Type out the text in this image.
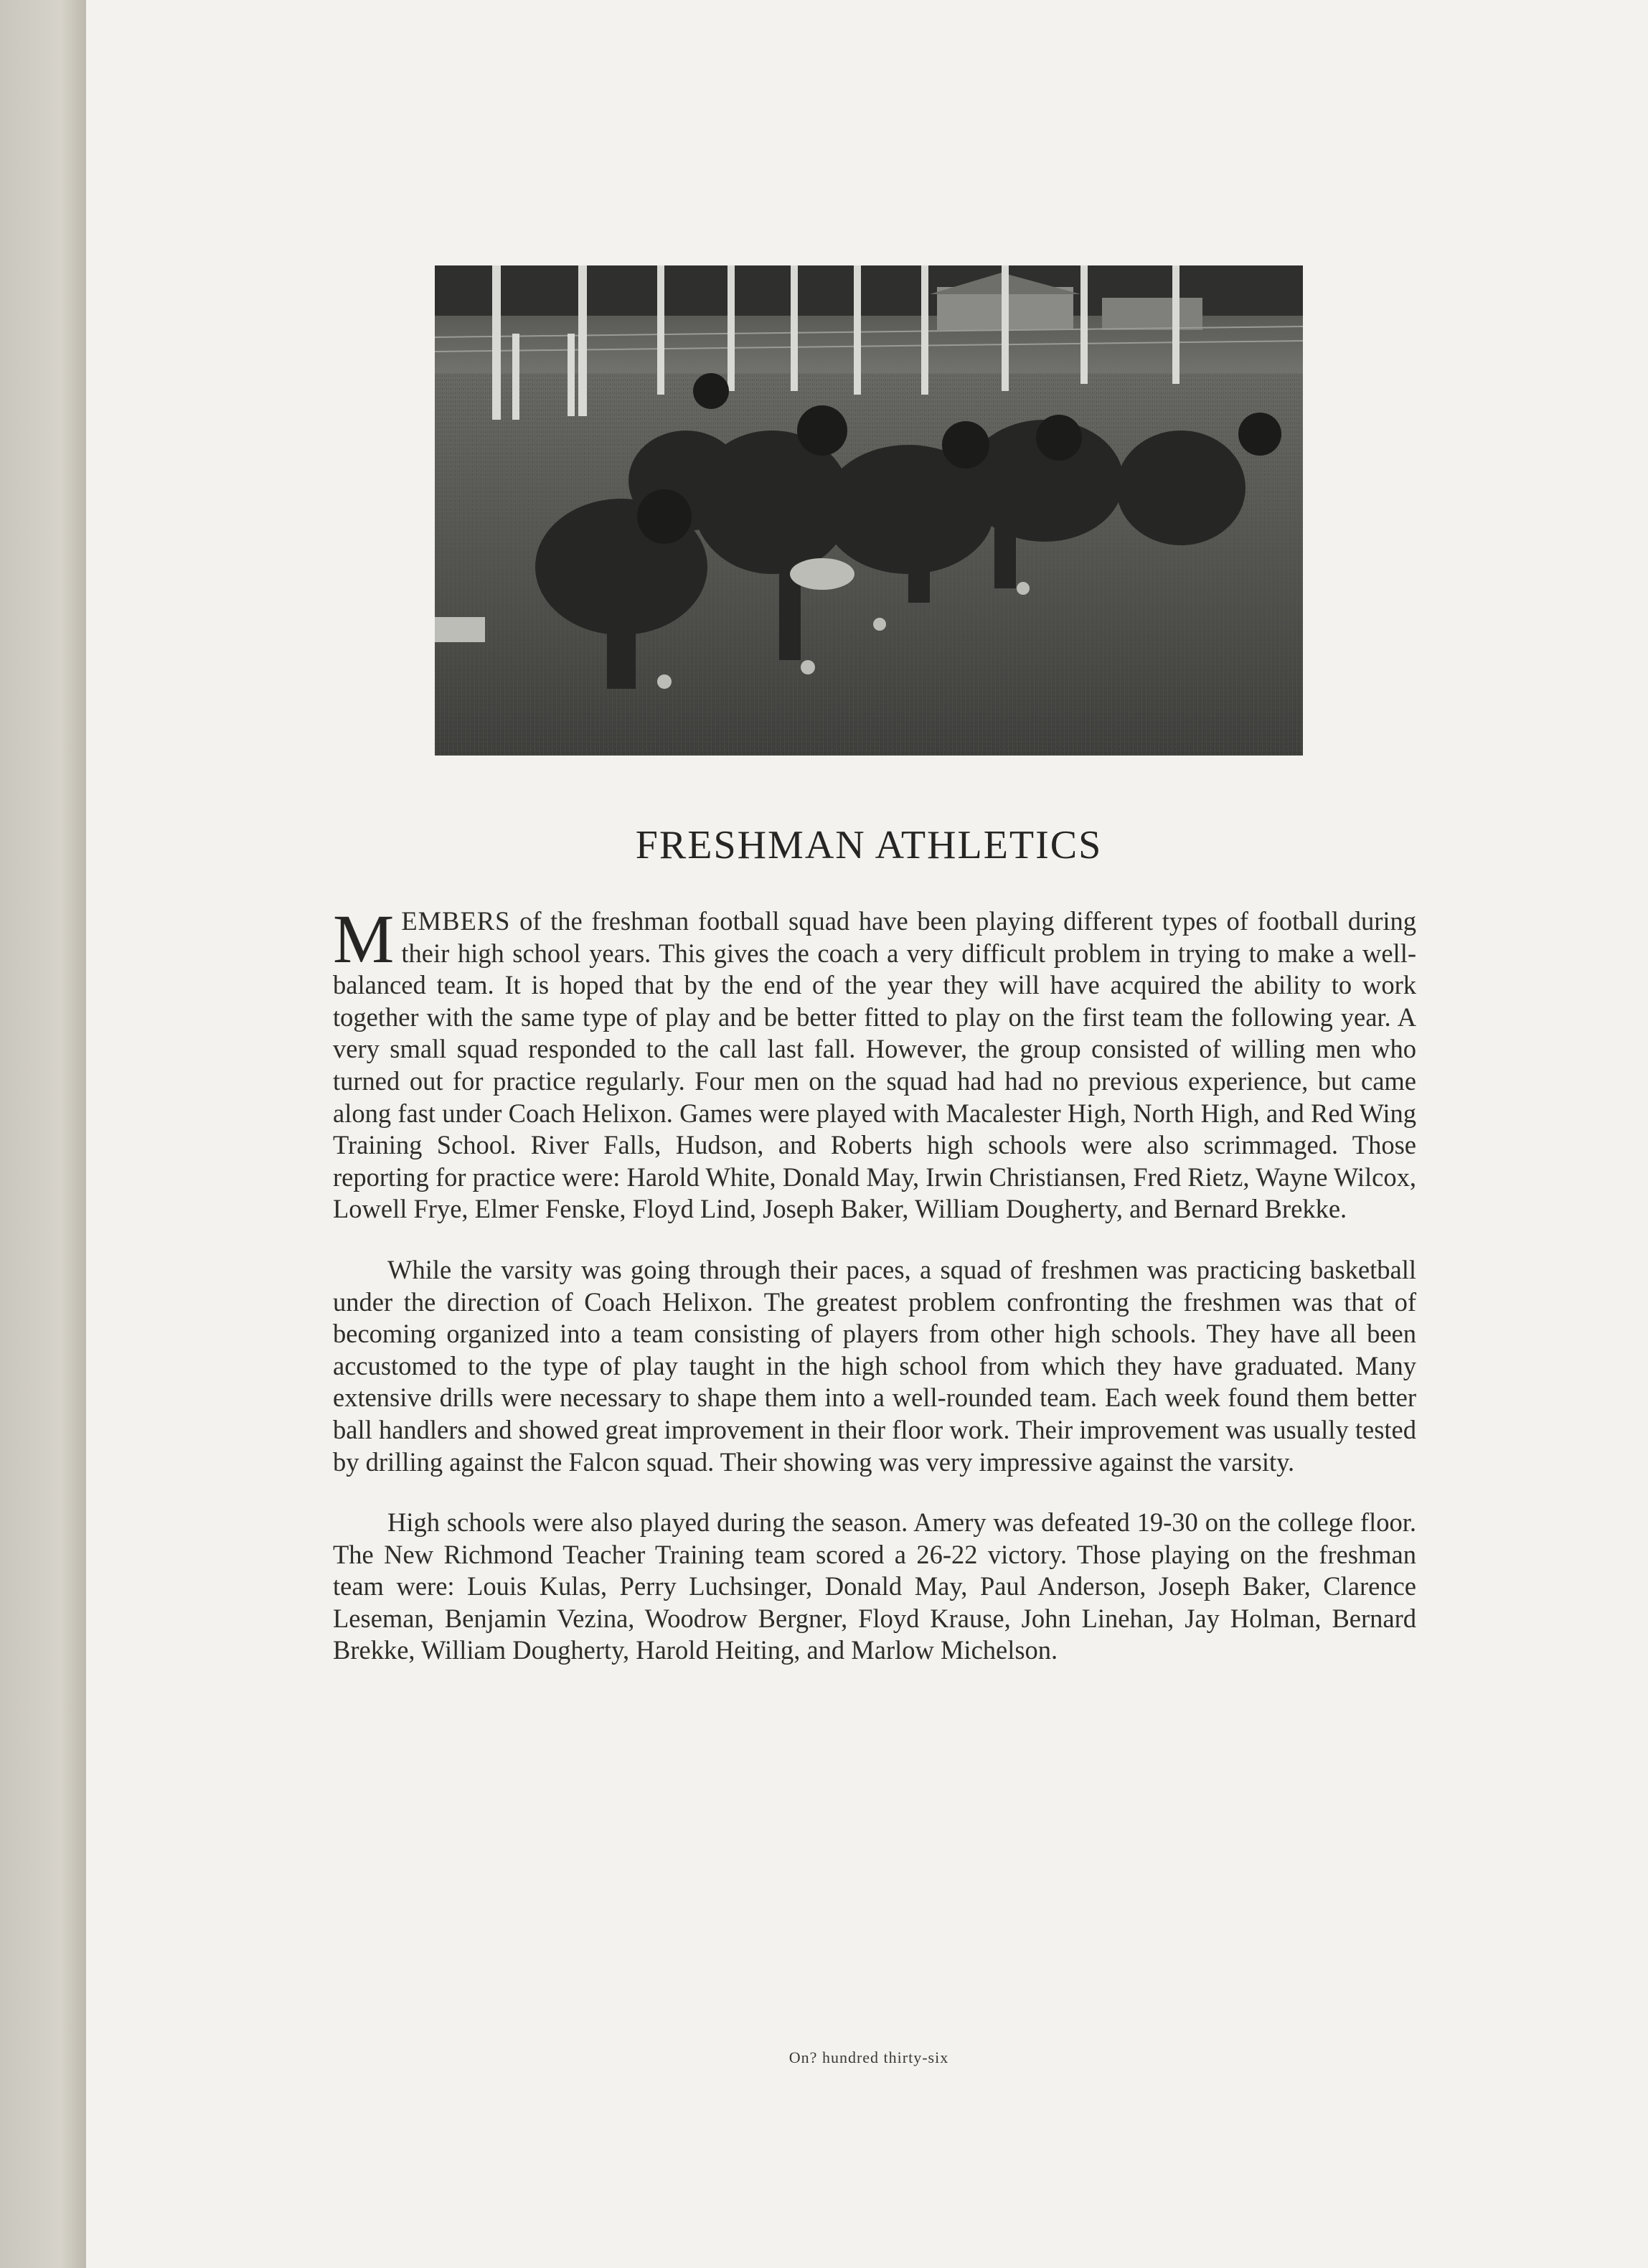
FRESHMAN ATHLETICS

MEMBERS of the freshman football squad have been playing different types of football during their high school years. This gives the coach a very difficult problem in trying to make a well-balanced team. It is hoped that by the end of the year they will have acquired the ability to work together with the same type of play and be better fitted to play on the first team the following year. A very small squad responded to the call last fall. However, the group consisted of willing men who turned out for practice regularly. Four men on the squad had had no previous experience, but came along fast under Coach Helixon. Games were played with Macalester High, North High, and Red Wing Training School. River Falls, Hudson, and Roberts high schools were also scrimmaged. Those reporting for practice were: Harold White, Donald May, Irwin Christiansen, Fred Rietz, Wayne Wilcox, Lowell Frye, Elmer Fenske, Floyd Lind, Joseph Baker, William Dougherty, and Bernard Brekke.

While the varsity was going through their paces, a squad of freshmen was practicing basketball under the direction of Coach Helixon. The greatest problem confronting the freshmen was that of becoming organized into a team consisting of players from other high schools. They have all been accustomed to the type of play taught in the high school from which they have graduated. Many extensive drills were necessary to shape them into a well-rounded team. Each week found them better ball handlers and showed great improvement in their floor work. Their improvement was usually tested by drilling against the Falcon squad. Their showing was very impressive against the varsity.

High schools were also played during the season. Amery was defeated 19-30 on the college floor. The New Richmond Teacher Training team scored a 26-22 victory. Those playing on the freshman team were: Louis Kulas, Perry Luchsinger, Donald May, Paul Anderson, Joseph Baker, Clarence Leseman, Benjamin Vezina, Woodrow Bergner, Floyd Krause, John Linehan, Jay Holman, Bernard Brekke, William Dougherty, Harold Heiting, and Marlow Michelson.

On? hundred thirty-six
